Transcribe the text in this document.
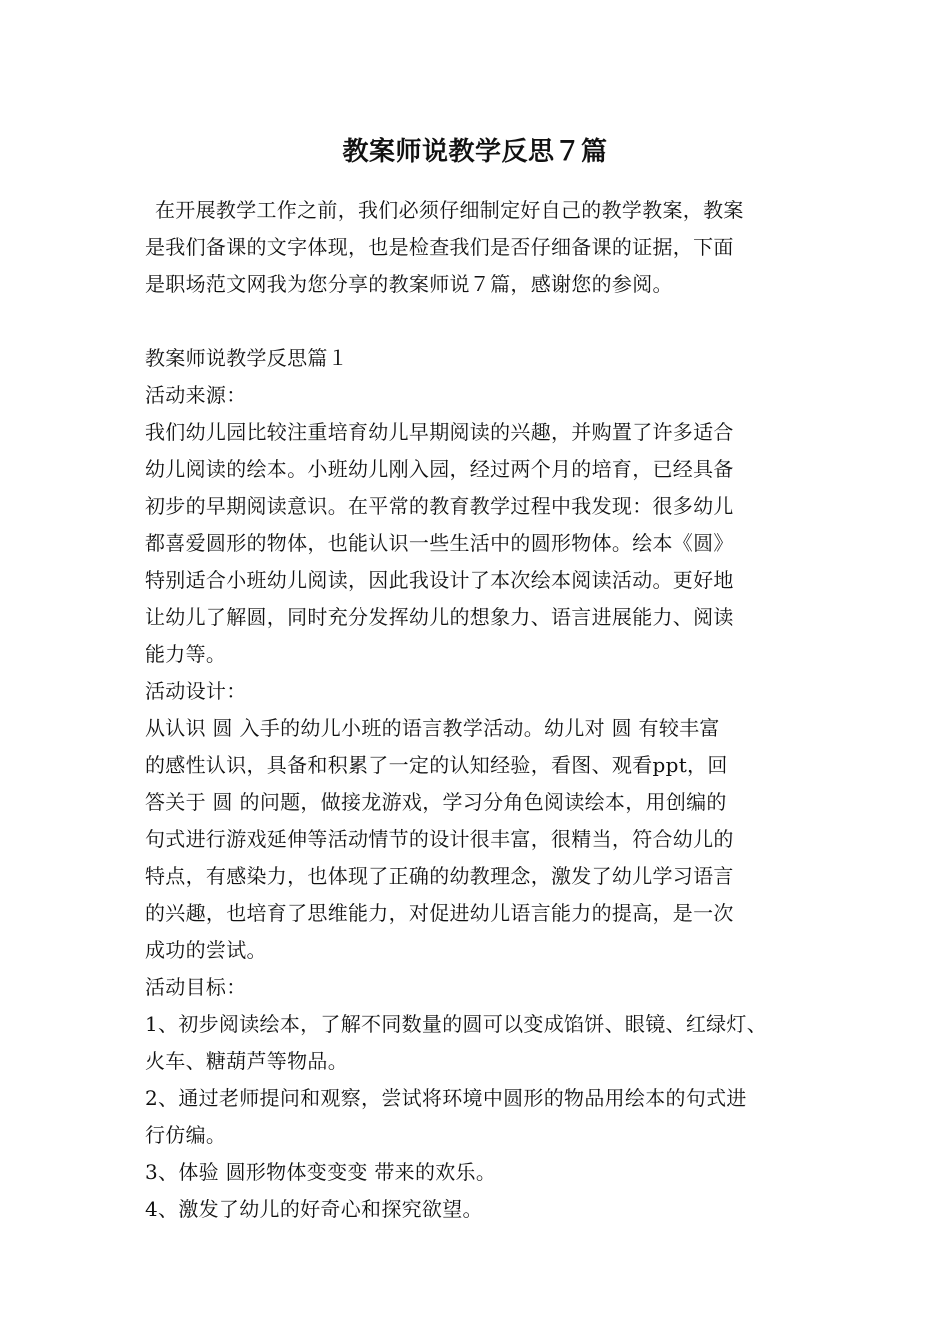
教案师说教学反思７篇
在开展教学工作之前，我们必须仔细制定好自己的教学教案，教案
是我们备课的文字体现，也是检查我们是否仔细备课的证据，下面
是职场范文网我为您分享的教案师说７篇，感谢您的参阅。
教案师说教学反思篇１
活动来源：
我们幼儿园比较注重培育幼儿早期阅读的兴趣，并购置了许多适合
幼儿阅读的绘本。小班幼儿刚入园，经过两个月的培育，已经具备
初步的早期阅读意识。在平常的教育教学过程中我发现：很多幼儿
都喜爱圆形的物体，也能认识一些生活中的圆形物体。绘本《圆》
特别适合小班幼儿阅读，因此我设计了本次绘本阅读活动。更好地
让幼儿了解圆，同时充分发挥幼儿的想象力、语言进展能力、阅读
能力等。
活动设计：
从认识 圆 入手的幼儿小班的语言教学活动。幼儿对 圆 有较丰富
的感性认识，具备和积累了一定的认知经验，看图、观看ppt，回
答关于 圆 的问题，做接龙游戏，学习分角色阅读绘本，用创编的
句式进行游戏延伸等活动情节的设计很丰富，很精当，符合幼儿的
特点，有感染力，也体现了正确的幼教理念，激发了幼儿学习语言
的兴趣，也培育了思维能力，对促进幼儿语言能力的提高，是一次
成功的尝试。
活动目标：
1、初步阅读绘本，了解不同数量的圆可以变成馅饼、眼镜、红绿灯、
火车、糖葫芦等物品。
2、通过老师提问和观察，尝试将环境中圆形的物品用绘本的句式进
行仿编。
3、体验 圆形物体变变变 带来的欢乐。
4、激发了幼儿的好奇心和探究欲望。
